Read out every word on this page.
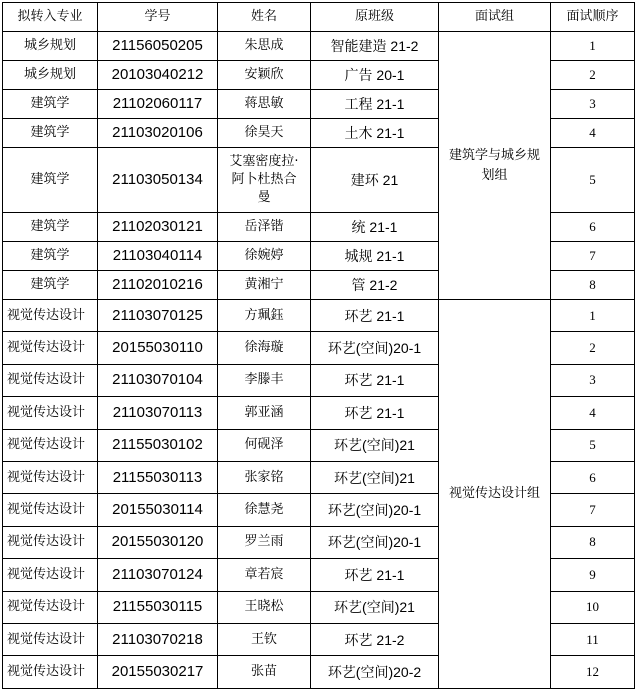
拟转入专业	学号	姓名	原班级	面试组	面试顺序
城乡规划	21156050205	朱思成	智能建造 21-2	建筑学与城乡规划组	1
城乡规划	20103040212	安颖欣	广告 20-1		2
建筑学	21102060117	蒋思敏	工程 21-1		3
建筑学	21103020106	徐昊天	土木 21-1		4
建筑学	21103050134	艾塞密度拉·阿卜杜热合曼	建环 21		5
建筑学	21102030121	岳泽锴	统 21-1		6
建筑学	21103040114	徐婉婷	城规 21-1		7
建筑学	21102010216	黄湘宁	管 21-2		8
视觉传达设计	21103070125	方珮鈺	环艺 21-1	视觉传达设计组	1
视觉传达设计	20155030110	徐海璇	环艺(空间)20-1		2
视觉传达设计	21103070104	李滕丰	环艺 21-1		3
视觉传达设计	21103070113	郭亚涵	环艺 21-1		4
视觉传达设计	21155030102	何砚泽	环艺(空间)21		5
视觉传达设计	21155030113	张家铭	环艺(空间)21		6
视觉传达设计	20155030114	徐慧尧	环艺(空间)20-1		7
视觉传达设计	20155030120	罗兰雨	环艺(空间)20-1		8
视觉传达设计	21103070124	章若宸	环艺 21-1		9
视觉传达设计	21155030115	王晓松	环艺(空间)21		10
视觉传达设计	21103070218	王钦	环艺 21-2		11
视觉传达设计	20155030217	张苗	环艺(空间)20-2		12
